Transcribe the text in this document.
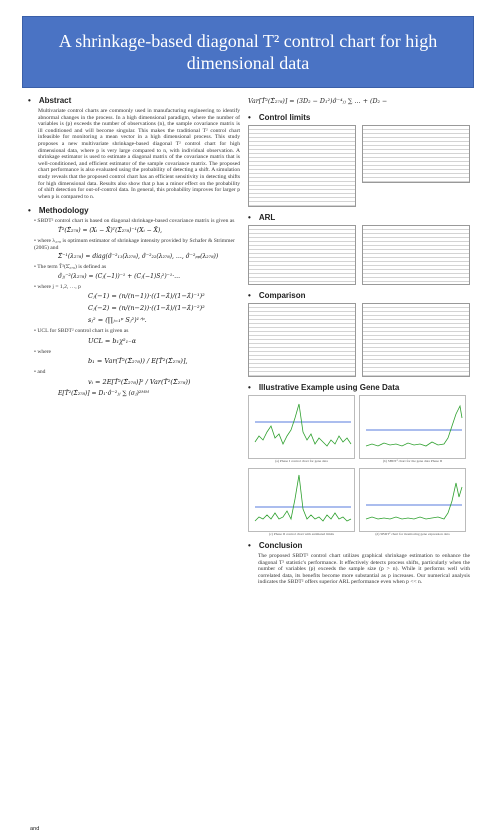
A shrinkage-based diagonal T² control chart for high dimensional data
• Abstract
Multivariate control charts are commonly used in manufacturing engineering to identify abnormal changes in the process. In a high dimensional paradigm, where the number of variables is (p) exceeds the number of observations (n), the sample covariance matrix is ill conditioned and will become singular. This makes the traditional T² control chart infeasible for monitoring a mean vector in a high dimensional process. This study proposes a new multivariate shrinkage-based diagonal T² control chart for high dimensional data, where p is very large compared to n, with individual observation. A shrinkage estimator is used to estimate a diagonal matrix of the covariance matrix that is well-conditioned, and efficient estimator of the sample covariance matrix. The proposed chart performance is also evaluated using the probability of detecting a shift. A simulation study reveals that the proposed control chart has an efficient sensitivity in detecting shifts for high dimensional data. Results also show that p has a minor effect on the probability of shift detection for out-of-control data. In general, this probability improves for larger p when p is compared to n.
• Methodology
• SBDT² control chart is based on diagonal shrinkage-based covariance matrix is given as
T̂²(Σ̂₂₇₈) = (Xᵢ − X̄)ᵀ(Σ̂₂₇₈)⁻¹(Xᵢ − X̄),
• where λ₂₇₈ is optimum estimator of shrinkage intensity provided by Schafer & Strimmer (2005) and
Σ̂⁻¹(λ₂₇₈) = diag(σ̂⁻²₁₁(λ₂₇₈), σ̂⁻²₂₂(λ₂₇₈), …, σ̂⁻²ₚₚ(λ₂₇₈))
• The term T̂²(Σ̂₂₇₈) is defined as
σ̂ⱼⱼ⁻²(λ₂₇₈) = (Cⱼ(−1))⁻¹ + (Cⱼ(−1)Sⱼ²)⁻¹·…
• where j = 1,2, …, p
Cⱼ(−1) = (n/(n−1))·((1−λ̂)/(1−λ̂)⁻¹)²
Cⱼ(−2) = (n/(n−2))·((1−λ̂)/(1−λ̂)⁻²)²
sⱼ² = (∏ⱼ₌₁ᵖ Sⱼ²)¹ᐟᵖ.
• UCL for SBDT² control chart is given as
UCL = b₁χ²₁₋α
• where
b₁ = Var(T̂²(Σ̂₂₇₈)) / E[T̂²(Σ̂₂₇₈)],
• and
vᵢ = 2E[T̂²(Σ̂₂₇₈)]² / Var(T̂²(Σ̂₂₇₈))
E[T̂²(Σ̂₂₇₈)] = D₁·σ̂⁻²ⱼⱼ ∑ (σⱼ)²ᴹᴹ
Var[T̂²(Σ̂₂₇₈)] = (3D₂ − D₁²)σ̂⁻⁴ⱼⱼ ∑ … + (D₂ −
• Control limits
• ARL
• Comparison
• Illustrative Example using Gene Data
(a) Phase I control chart for gene data	(b) SBDT² chart for the gene data Phase II
(c) Phase II control chart with estimated limits	(d) SBDT² chart for monitoring gene expression data
• Conclusion
The proposed SBDT² control chart utilizes graphical shrinkage estimation to enhance the diagonal T² statistic's performance. It effectively detects process shifts, particularly when the number of variables (p) exceeds the sample size (p > n). While it performs well with correlated data, its benefits become more substantial as p increases. Our numerical analysis indicates the SBDT² offers superior ARL performance even when p << n.
and
